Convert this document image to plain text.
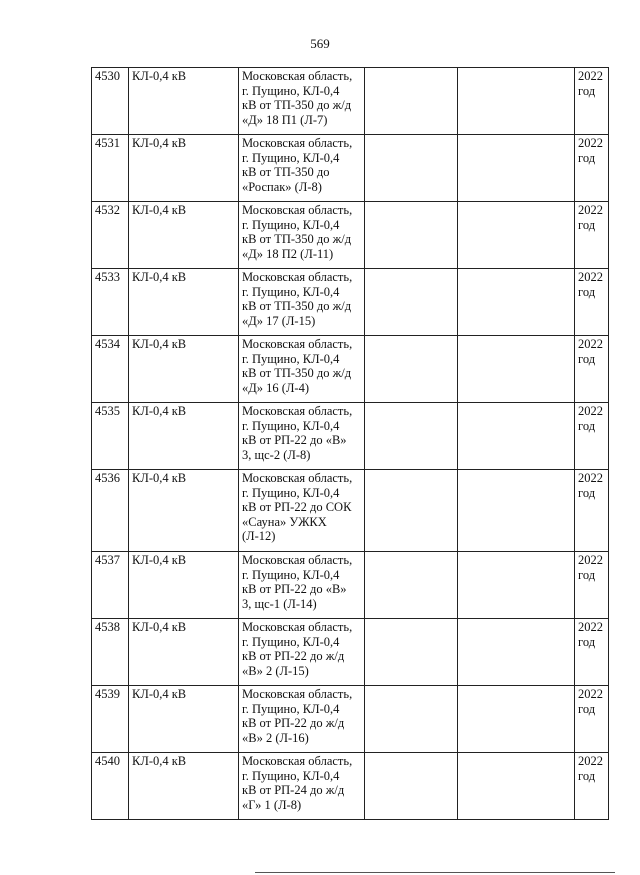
569
4530	КЛ-0,4 кВ	Московская область,
г. Пущино, КЛ-0,4
кВ от ТП-350 до ж/д
«Д» 18 П1 (Л-7)			2022
год

4531	КЛ-0,4 кВ	Московская область,
г. Пущино, КЛ-0,4
кВ от ТП-350 до
«Роспак» (Л-8)			2022
год

4532	КЛ-0,4 кВ	Московская область,
г. Пущино, КЛ-0,4
кВ от ТП-350 до ж/д
«Д» 18 П2 (Л-11)			2022
год

4533	КЛ-0,4 кВ	Московская область,
г. Пущино, КЛ-0,4
кВ от ТП-350 до ж/д
«Д» 17 (Л-15)			2022
год

4534	КЛ-0,4 кВ	Московская область,
г. Пущино, КЛ-0,4
кВ от ТП-350 до ж/д
«Д» 16 (Л-4)			2022
год

4535	КЛ-0,4 кВ	Московская область,
г. Пущино, КЛ-0,4
кВ от РП-22 до «В»
3, щс-2 (Л-8)			2022
год

4536	КЛ-0,4 кВ	Московская область,
г. Пущино, КЛ-0,4
кВ от РП-22 до СОК
«Сауна» УЖКХ
(Л-12)			2022
год

4537	КЛ-0,4 кВ	Московская область,
г. Пущино, КЛ-0,4
кВ от РП-22 до «В»
3, щс-1 (Л-14)			2022
год

4538	КЛ-0,4 кВ	Московская область,
г. Пущино, КЛ-0,4
кВ от РП-22 до ж/д
«В» 2 (Л-15)			2022
год

4539	КЛ-0,4 кВ	Московская область,
г. Пущино, КЛ-0,4
кВ от РП-22 до ж/д
«В» 2 (Л-16)			2022
год

4540	КЛ-0,4 кВ	Московская область,
г. Пущино, КЛ-0,4
кВ от РП-24 до ж/д
«Г» 1 (Л-8)			2022
год
